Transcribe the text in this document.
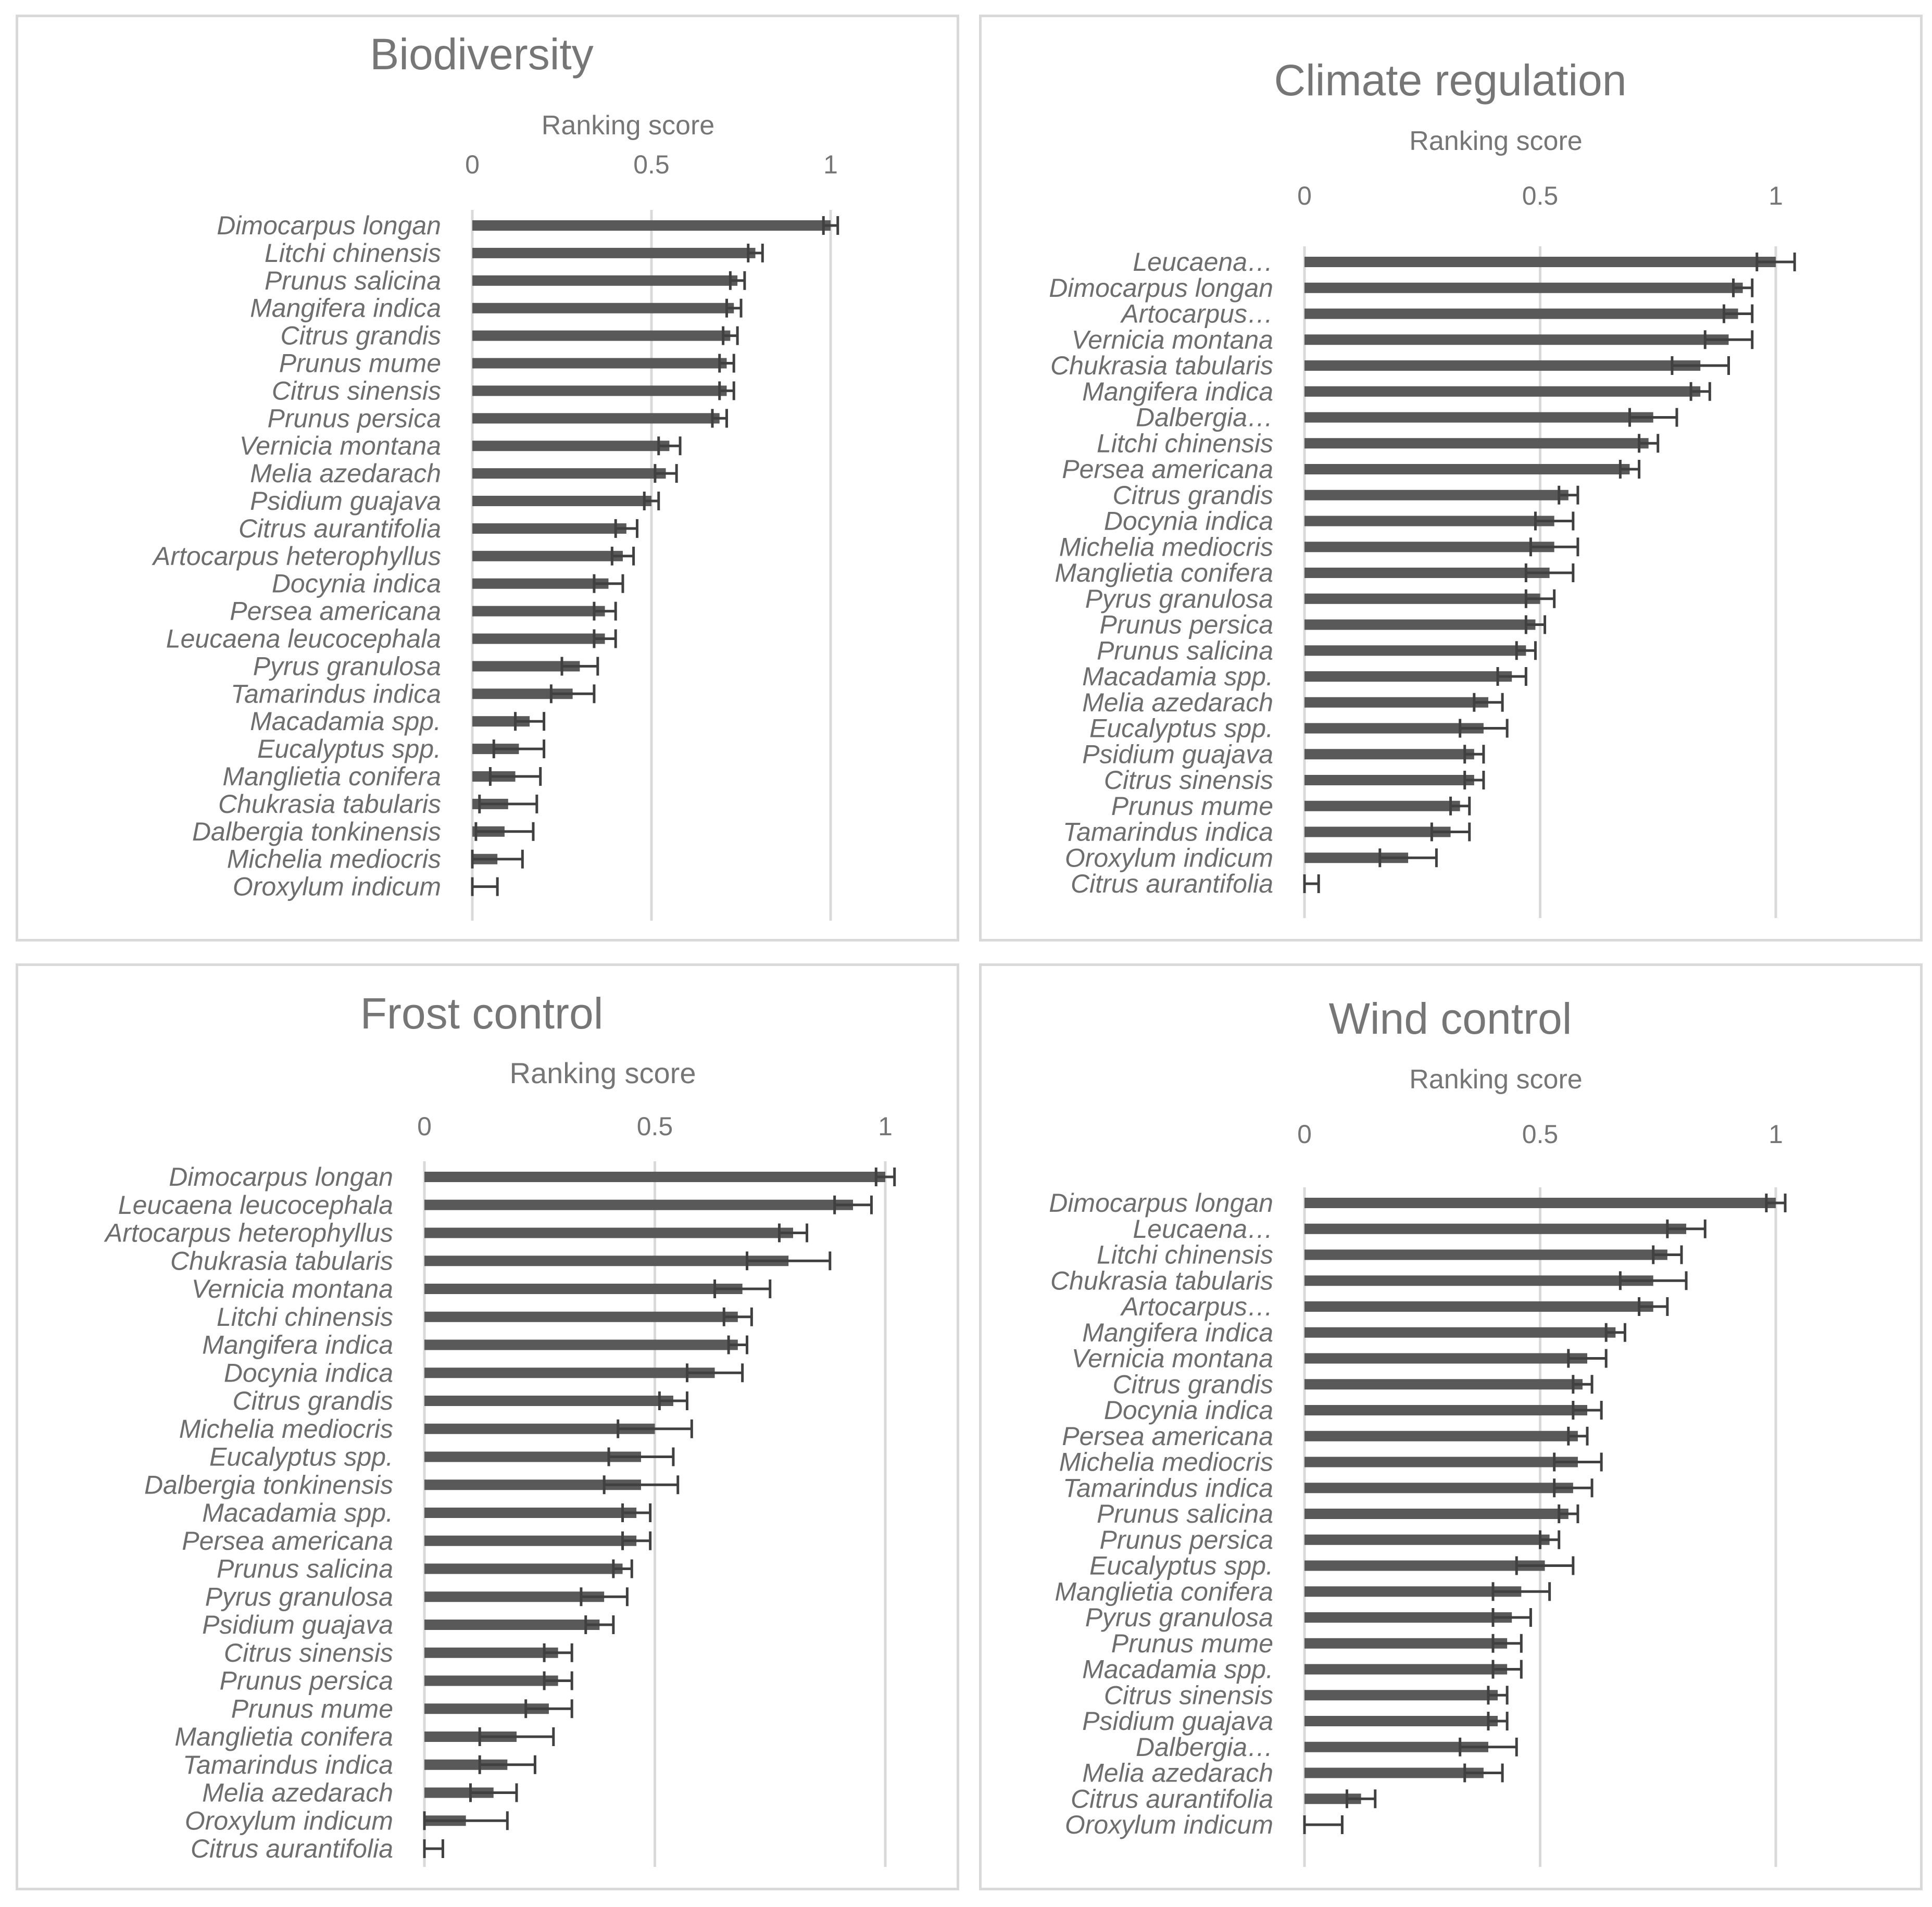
Biodiversity
Ranking score
0	0.5	1
Dimocarpus longan
Litchi chinensis
Prunus salicina
Mangifera indica
Citrus grandis
Prunus mume
Citrus sinensis
Prunus persica
Vernicia montana
Melia azedarach
Psidium guajava
Citrus aurantifolia
Artocarpus heterophyllus
Docynia indica
Persea americana
Leucaena leucocephala
Pyrus granulosa
Tamarindus indica
Macadamia spp.
Eucalyptus spp.
Manglietia conifera
Chukrasia tabularis
Dalbergia tonkinensis
Michelia mediocris
Oroxylum indicum
Climate regulation
Ranking score
0	0.5	1
Leucaena…
Dimocarpus longan
Artocarpus…
Vernicia montana
Chukrasia tabularis
Mangifera indica
Dalbergia…
Litchi chinensis
Persea americana
Citrus grandis
Docynia indica
Michelia mediocris
Manglietia conifera
Pyrus granulosa
Prunus persica
Prunus salicina
Macadamia spp.
Melia azedarach
Eucalyptus spp.
Psidium guajava
Citrus sinensis
Prunus mume
Tamarindus indica
Oroxylum indicum
Citrus aurantifolia
Frost control
Ranking score
0	0.5	1
Dimocarpus longan
Leucaena leucocephala
Artocarpus heterophyllus
Chukrasia tabularis
Vernicia montana
Litchi chinensis
Mangifera indica
Docynia indica
Citrus grandis
Michelia mediocris
Eucalyptus spp.
Dalbergia tonkinensis
Macadamia spp.
Persea americana
Prunus salicina
Pyrus granulosa
Psidium guajava
Citrus sinensis
Prunus persica
Prunus mume
Manglietia conifera
Tamarindus indica
Melia azedarach
Oroxylum indicum
Citrus aurantifolia
Wind control
Ranking score
0	0.5	1
Dimocarpus longan
Leucaena…
Litchi chinensis
Chukrasia tabularis
Artocarpus…
Mangifera indica
Vernicia montana
Citrus grandis
Docynia indica
Persea americana
Michelia mediocris
Tamarindus indica
Prunus salicina
Prunus persica
Eucalyptus spp.
Manglietia conifera
Pyrus granulosa
Prunus mume
Macadamia spp.
Citrus sinensis
Psidium guajava
Dalbergia…
Melia azedarach
Citrus aurantifolia
Oroxylum indicum
